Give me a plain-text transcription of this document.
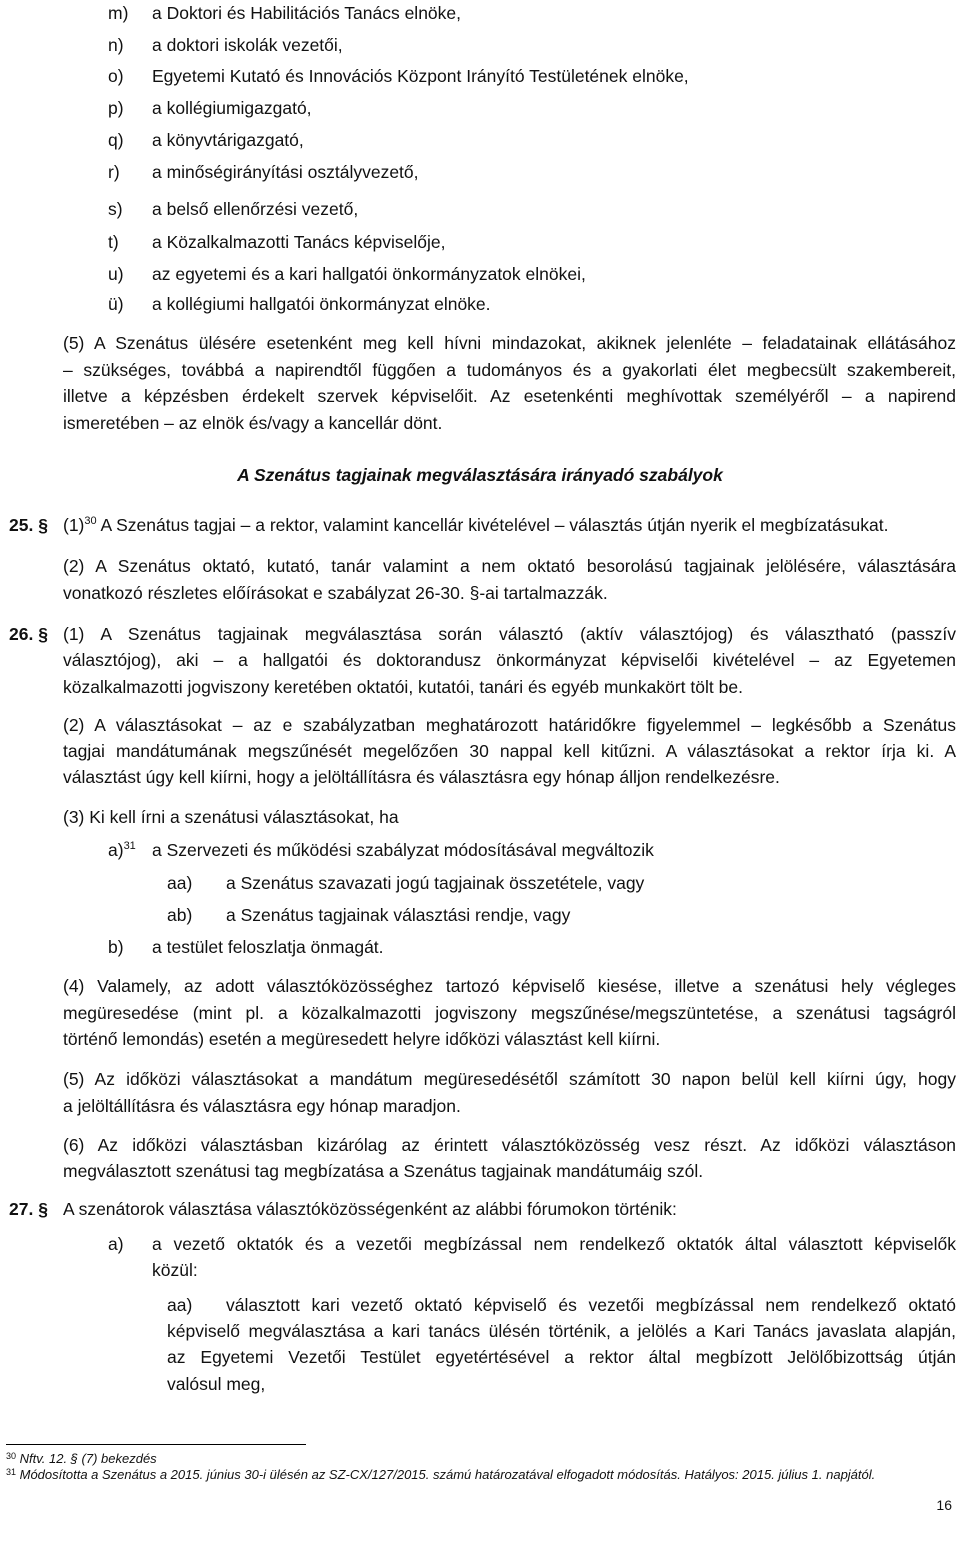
m) a Doktori és Habilitációs Tanács elnöke,
n) a doktori iskolák vezetői,
o) Egyetemi Kutató és Innovációs Központ Irányító Testületének elnöke,
p) a kollégiumigazgató,
q) a könyvtárigazgató,
r) a minőségirányítási osztályvezető,
s) a belső ellenőrzési vezető,
t) a Közalkalmazotti Tanács képviselője,
u) az egyetemi és a kari hallgatói önkormányzatok elnökei,
ü) a kollégiumi hallgatói önkormányzat elnöke.
(5) A Szenátus ülésére esetenként meg kell hívni mindazokat, akiknek jelenléte – feladatainak ellátásához
– szükséges, továbbá a napirendtől függően a tudományos és a gyakorlati élet megbecsült szakembereit,
illetve a képzésben érdekelt szervek képviselőit. Az esetenkénti meghívottak személyéről – a napirend
ismeretében – az elnök és/vagy a kancellár dönt.
A Szenátus tagjainak megválasztására irányadó szabályok
25. § $(1)^{30}$ A Szenátus tagjai – a rektor, valamint kancellár kivételével – választás útján nyerik el megbízatásukat.
(2) A Szenátus oktató, kutató, tanár valamint a nem oktató besorolású tagjainak jelölésére, választására
vonatkozó részletes előírásokat e szabályzat 26-30. §-ai tartalmazzák.
26. § (1) A Szenátus tagjainak megválasztása során választó (aktív választójog) és választható (passzív
választójog), aki – a hallgatói és doktorandusz önkormányzat képviselői kivételével – az Egyetemen
közalkalmazotti jogviszony keretében oktatói, kutatói, tanári és egyéb munkakört tölt be.
(2) A választásokat – az e szabályzatban meghatározott határidőkre figyelemmel – legkésőbb a Szenátus
tagjai mandátumának megszűnését megelőzően 30 nappal kell kitűzni. A választásokat a rektor írja ki. A
választást úgy kell kiírni, hogy a jelöltállításra és választásra egy hónap álljon rendelkezésre.
(3) Ki kell írni a szenátusi választásokat, ha
a)$^{31}$ a Szervezeti és működési szabályzat módosításával megváltozik
aa) a Szenátus szavazati jogú tagjainak összetétele, vagy
ab) a Szenátus tagjainak választási rendje, vagy
b) a testület feloszlatja önmagát.
(4) Valamely, az adott választóközösséghez tartozó képviselő kiesése, illetve a szenátusi hely végleges
megüresedése (mint pl. a közalkalmazotti jogviszony megszűnése/megszüntetése, a szenátusi tagságról
történő lemondás) esetén a megüresedett helyre időközi választást kell kiírni.
(5) Az időközi választásokat a mandátum megüresedésétől számított 30 napon belül kell kiírni úgy, hogy
a jelöltállításra és választásra egy hónap maradjon.
(6) Az időközi választásban kizárólag az érintett választóközösség vesz részt. Az időközi választáson
megválasztott szenátusi tag megbízatása a Szenátus tagjainak mandátumáig szól.
27. § A szenátorok választása választóközösségenként az alábbi fórumokon történik:
a) a vezető oktatók és a vezetői megbízással nem rendelkező oktatók által választott képviselők
közül:
aa) választott kari vezető oktató képviselő és vezetői megbízással nem rendelkező oktató
képviselő megválasztása a kari tanács ülésén történik, a jelölés a Kari Tanács javaslata alapján,
az Egyetemi Vezetői Testület egyetértésével a rektor által megbízott Jelölőbizottság útján
valósul meg,
$^{30}$ Nftv. 12. § (7) bekezdés
$^{31}$ Módosította a Szenátus a 2015. június 30-i ülésén az SZ-CX/127/2015. számú határozatával elfogadott módosítás. Hatályos: 2015. július 1. napjától.
16
